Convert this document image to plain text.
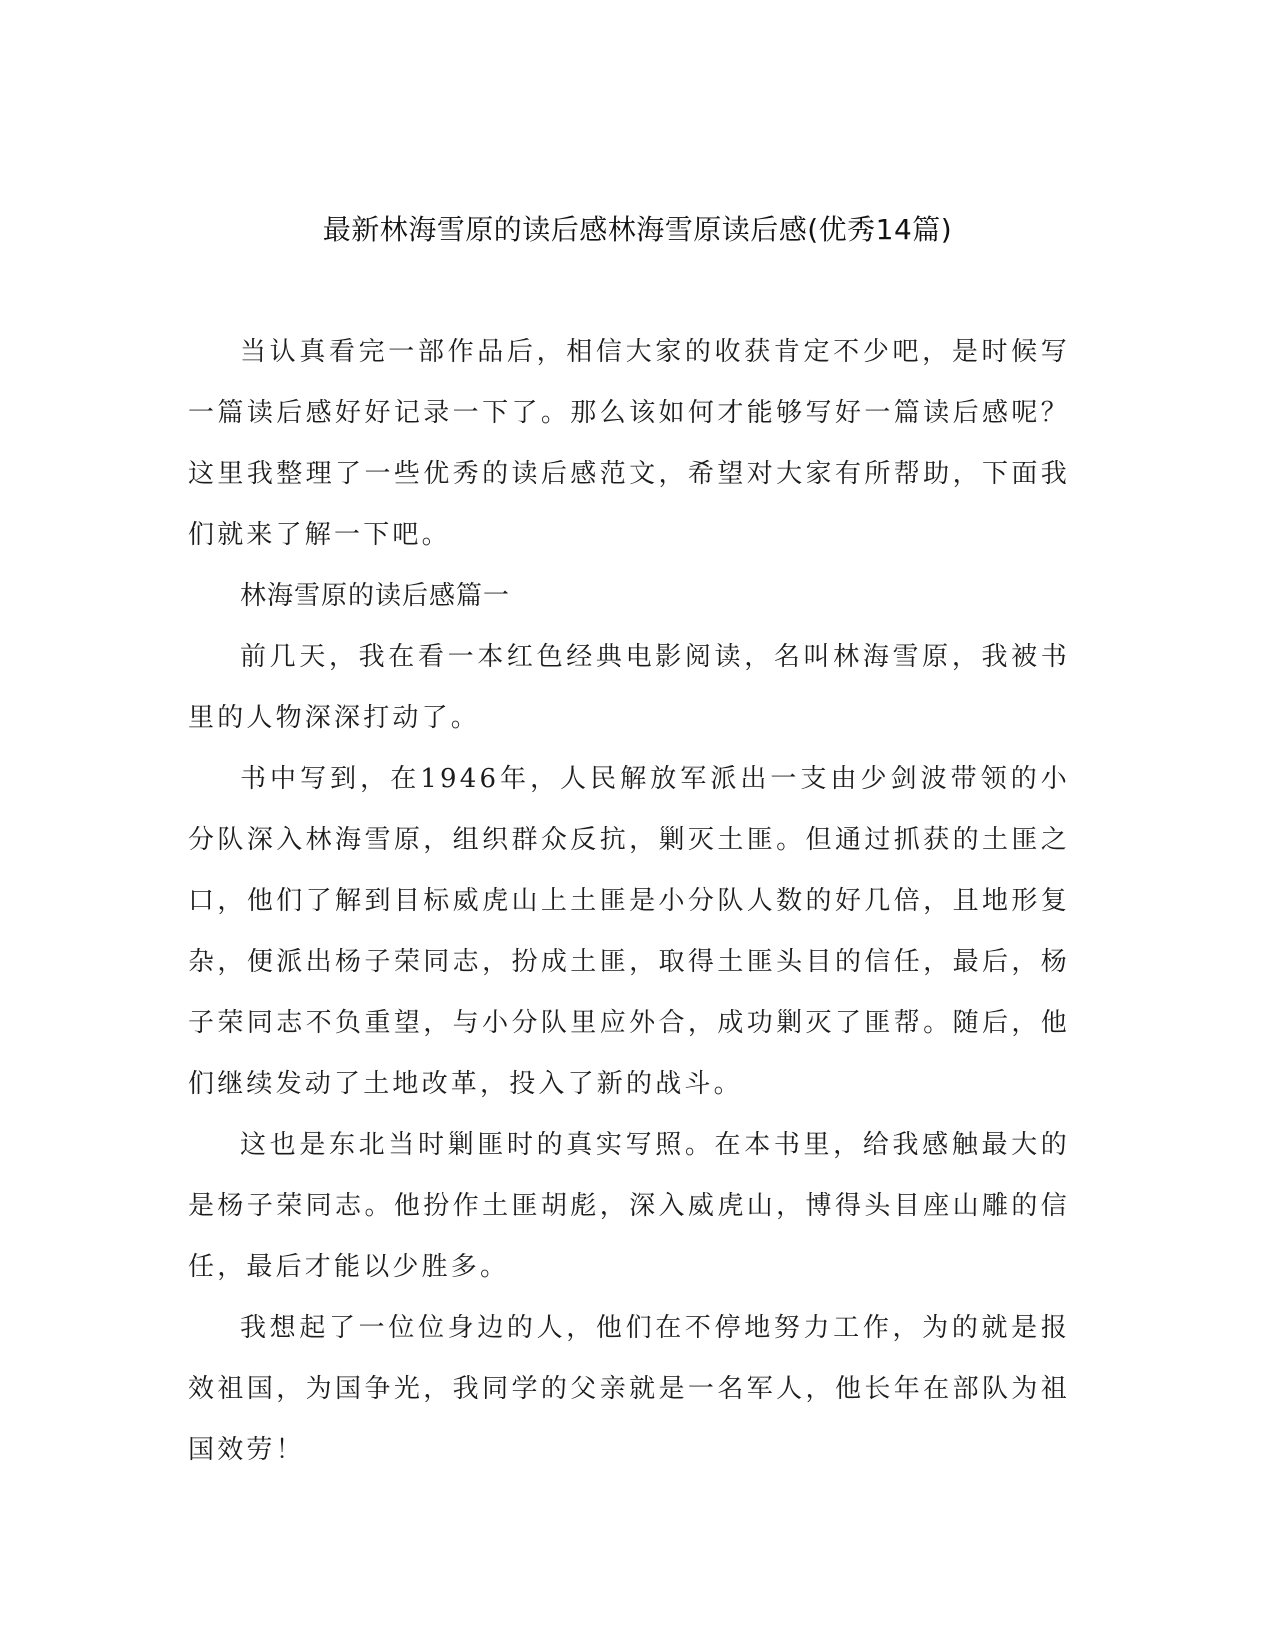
最新林海雪原的读后感林海雪原读后感(优秀14篇)

当认真看完一部作品后，相信大家的收获肯定不少吧，是时候写一篇读后感好好记录一下了。那么该如何才能够写好一篇读后感呢？这里我整理了一些优秀的读后感范文，希望对大家有所帮助，下面我们就来了解一下吧。

林海雪原的读后感篇一

前几天，我在看一本红色经典电影阅读，名叫林海雪原，我被书里的人物深深打动了。

书中写到，在1946年，人民解放军派出一支由少剑波带领的小分队深入林海雪原，组织群众反抗，剿灭土匪。但通过抓获的土匪之口，他们了解到目标威虎山上土匪是小分队人数的好几倍，且地形复杂，便派出杨子荣同志，扮成土匪，取得土匪头目的信任，最后，杨子荣同志不负重望，与小分队里应外合，成功剿灭了匪帮。随后，他们继续发动了土地改革，投入了新的战斗。

这也是东北当时剿匪时的真实写照。在本书里，给我感触最大的是杨子荣同志。他扮作土匪胡彪，深入威虎山，博得头目座山雕的信任，最后才能以少胜多。

我想起了一位位身边的人，他们在不停地努力工作，为的就是报效祖国，为国争光，我同学的父亲就是一名军人，他长年在部队为祖国效劳！
